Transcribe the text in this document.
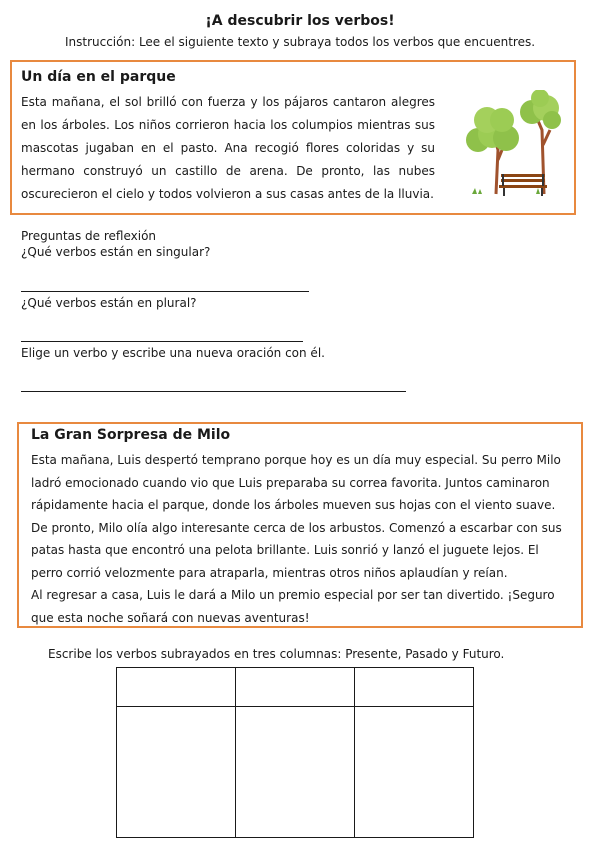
¡A descubrir los verbos!
Instrucción: Lee el siguiente texto y subraya todos los verbos que encuentres.
Un día en el parque
Esta mañana, el sol brilló con fuerza y los pájaros cantaron alegres en los árboles. Los niños corrieron hacia los columpios mientras sus mascotas jugaban en el pasto. Ana recogió flores coloridas y su hermano construyó un castillo de arena. De pronto, las nubes oscurecieron el cielo y todos volvieron a sus casas antes de la lluvia.
Preguntas de reflexión
¿Qué verbos están en singular?
¿Qué verbos están en plural?
Elige un verbo y escribe una nueva oración con él.
La Gran Sorpresa de Milo

Esta mañana, Luis despertó temprano porque hoy es un día muy especial. Su perro Milo ladró emocionado cuando vio que Luis preparaba su correa favorita. Juntos caminaron rápidamente hacia el parque, donde los árboles mueven sus hojas con el viento suave.

De pronto, Milo olía algo interesante cerca de los arbustos. Comenzó a escarbar con sus patas hasta que encontró una pelota brillante. Luis sonrió y lanzó el juguete lejos. El perro corrió velozmente para atraparla, mientras otros niños aplaudían y reían.

Al regresar a casa, Luis le dará a Milo un premio especial por ser tan divertido. ¡Seguro que esta noche soñará con nuevas aventuras!

Escribe los verbos subrayados en tres columnas: Presente, Pasado y Futuro.
